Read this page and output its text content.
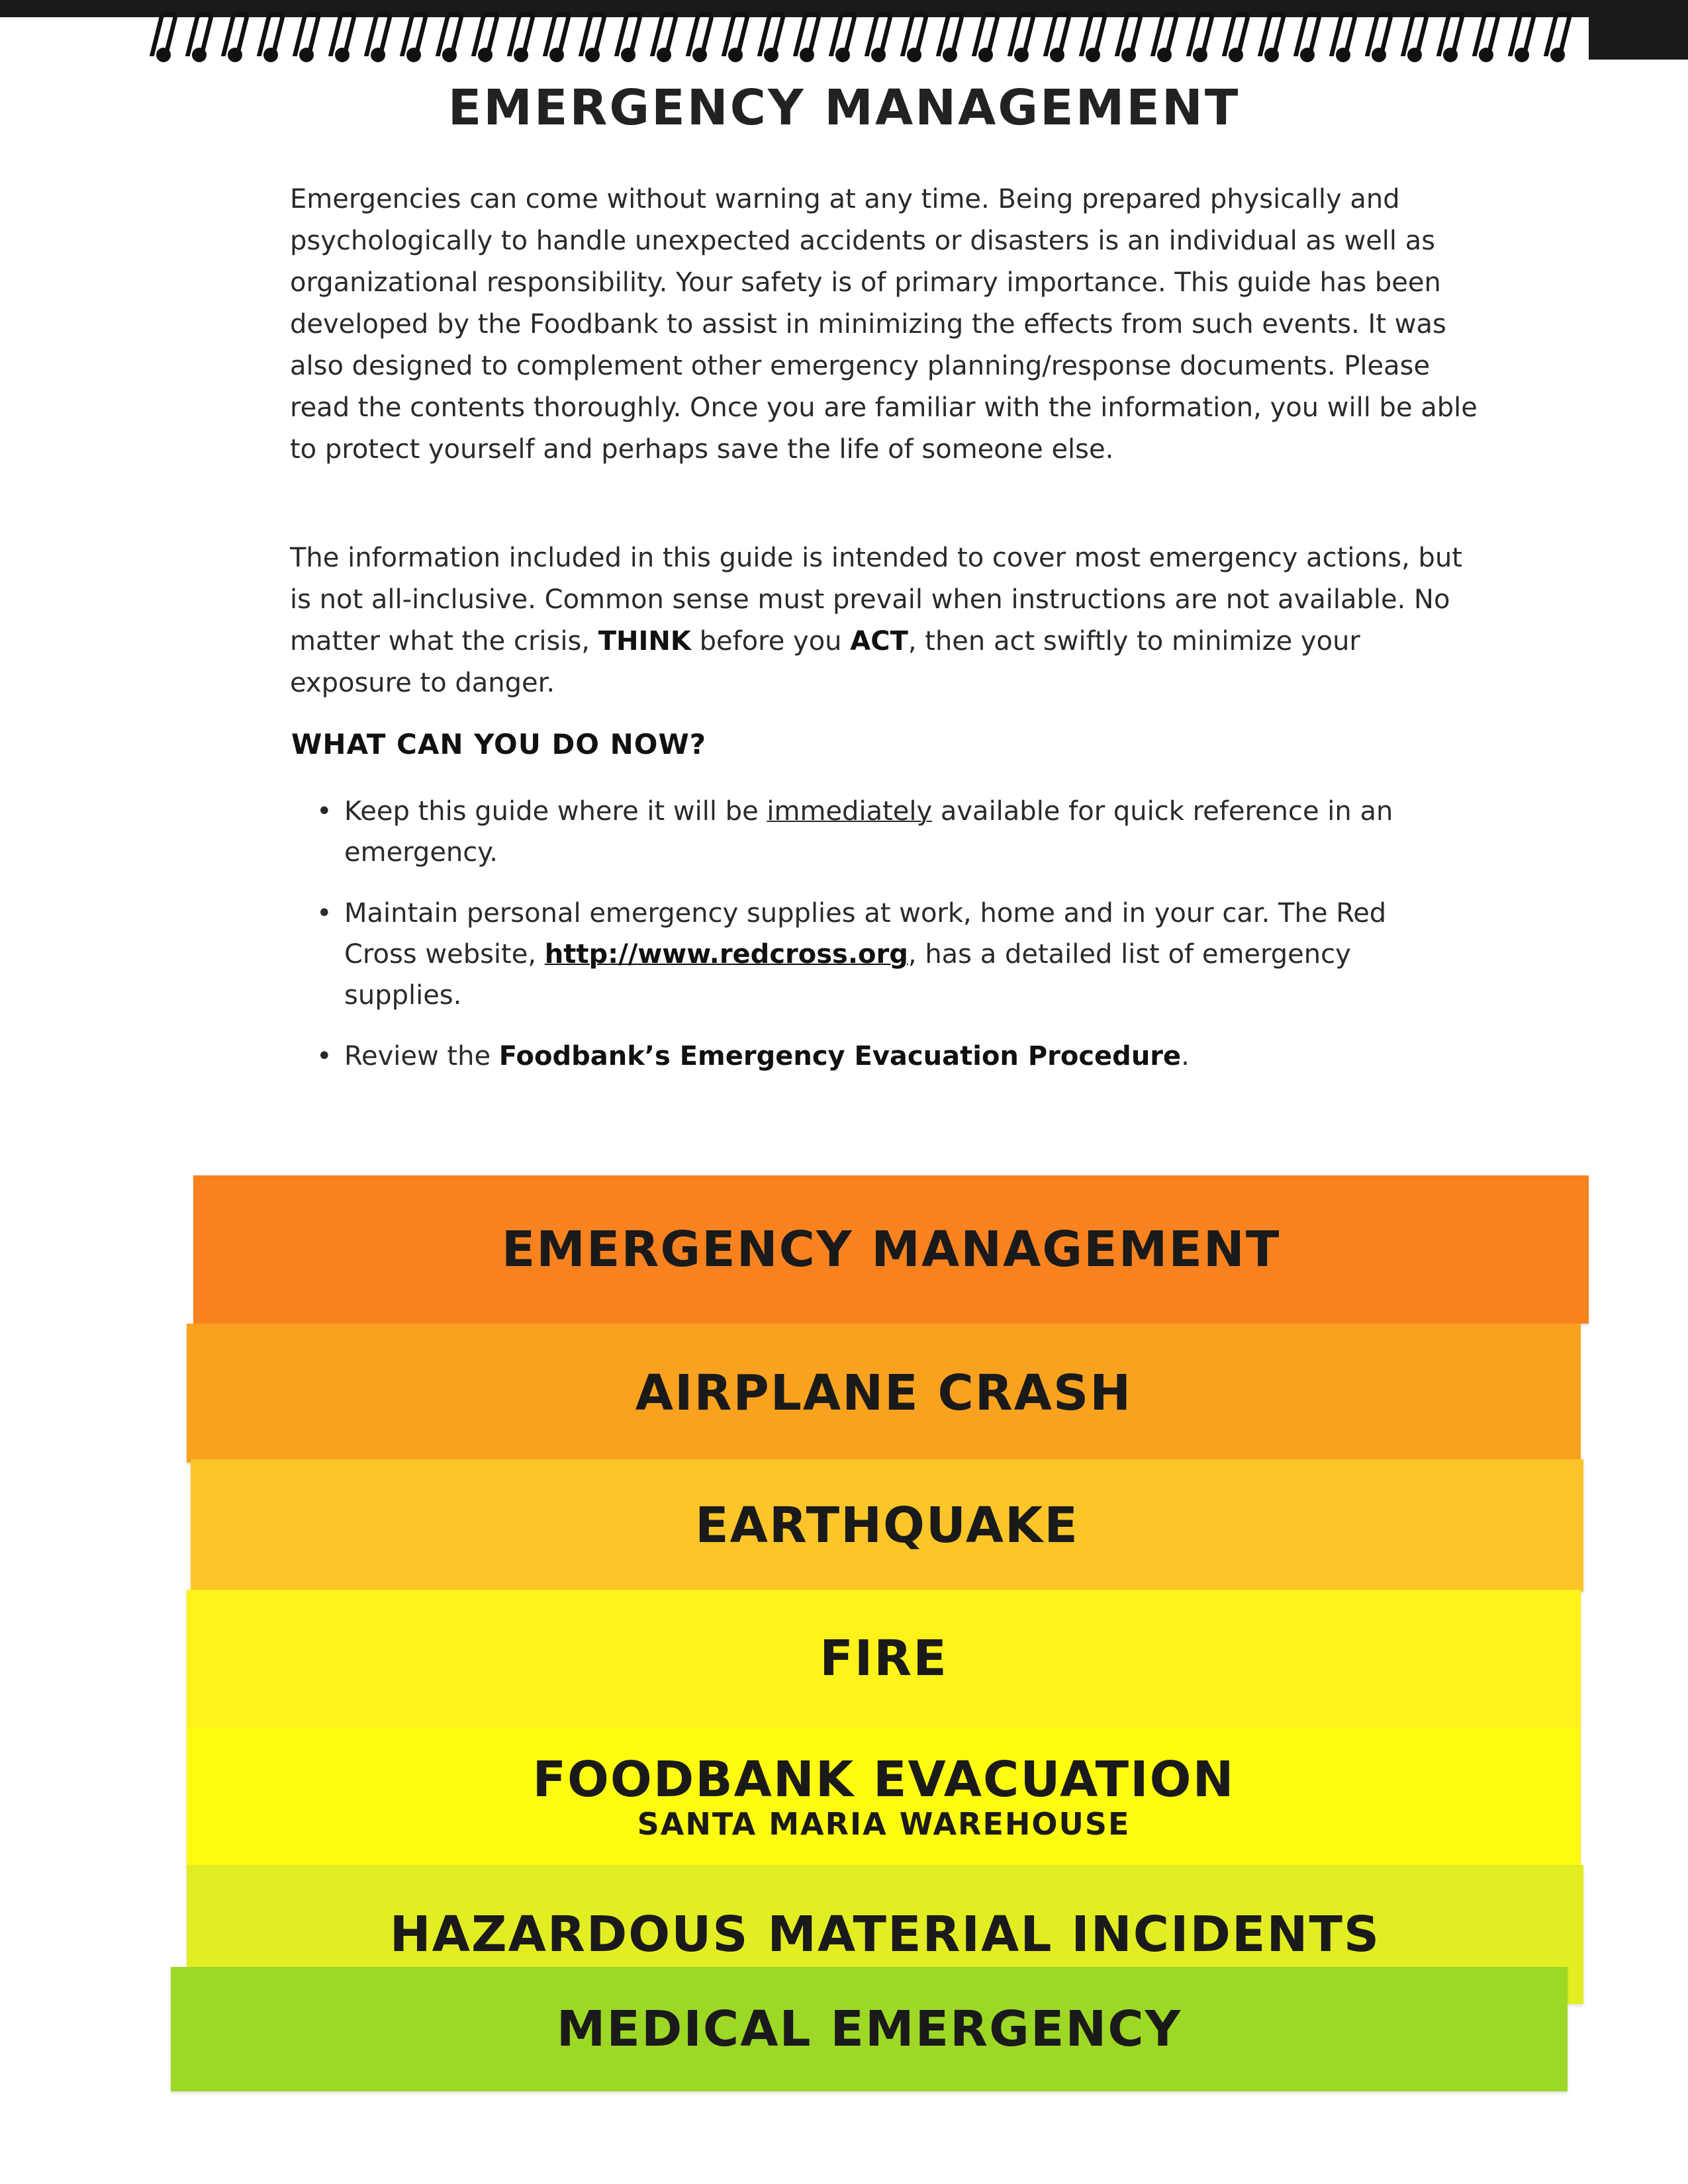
EMERGENCY MANAGEMENT
Emergencies can come without warning at any time. Being prepared physically and psychologically to handle unexpected accidents or disasters is an individual as well as organizational responsibility. Your safety is of primary importance. This guide has been developed by the Foodbank to assist in minimizing the effects from such events. It was also designed to complement other emergency planning/response documents. Please read the contents thoroughly. Once you are familiar with the information, you will be able to protect yourself and perhaps save the life of someone else.
The information included in this guide is intended to cover most emergency actions, but is not all-inclusive. Common sense must prevail when instructions are not available. No matter what the crisis, THINK before you ACT, then act swiftly to minimize your exposure to danger.
WHAT CAN YOU DO NOW?
• Keep this guide where it will be immediately available for quick reference in an emergency.
• Maintain personal emergency supplies at work, home and in your car. The Red Cross website, http://www.redcross.org, has a detailed list of emergency supplies.
• Review the Foodbank’s Emergency Evacuation Procedure.
EMERGENCY MANAGEMENT
AIRPLANE CRASH
EARTHQUAKE
FIRE
FOODBANK EVACUATION
SANTA MARIA WAREHOUSE
HAZARDOUS MATERIAL INCIDENTS
MEDICAL EMERGENCY
